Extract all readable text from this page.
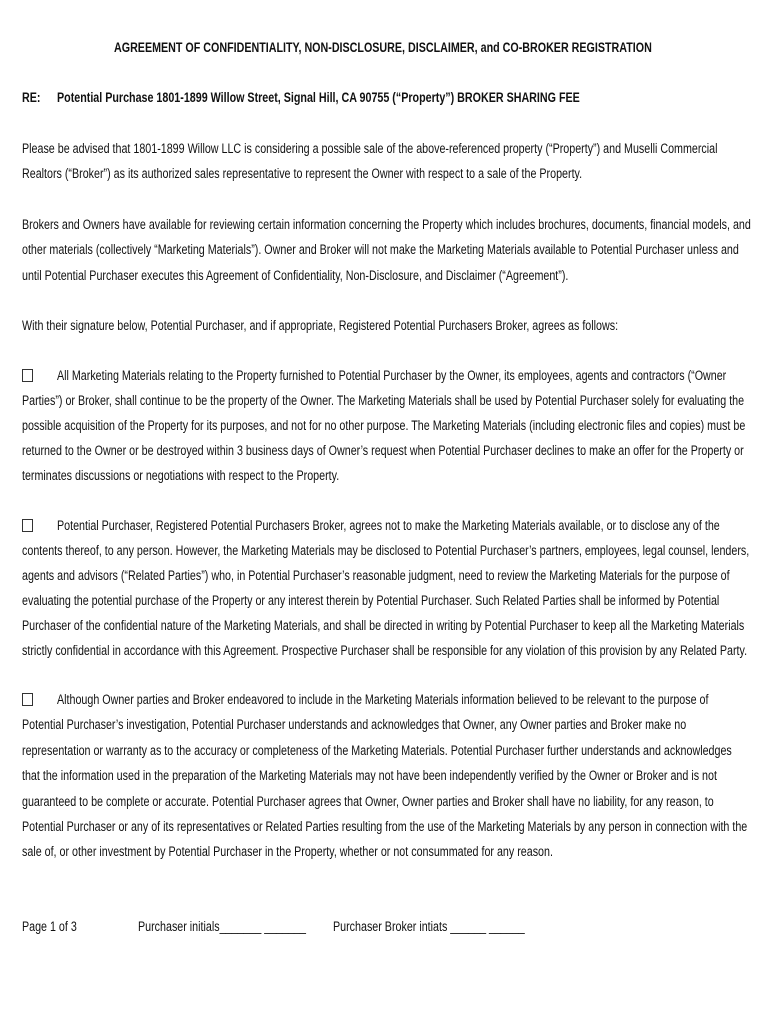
AGREEMENT OF CONFIDENTIALITY, NON-DISCLOSURE, DISCLAIMER, and CO-BROKER REGISTRATION
RE: Potential Purchase 1801-1899 Willow Street, Signal Hill, CA 90755 (“Property”) BROKER SHARING FEE
Please be advised that 1801-1899 Willow LLC is considering a possible sale of the above-referenced property (“Property”) and Muselli Commercial
Realtors (“Broker”) as its authorized sales representative to represent the Owner with respect to a sale of the Property.
Brokers and Owners have available for reviewing certain information concerning the Property which includes brochures, documents, financial models, and
other materials (collectively “Marketing Materials”). Owner and Broker will not make the Marketing Materials available to Potential Purchaser unless and
until Potential Purchaser executes this Agreement of Confidentiality, Non-Disclosure, and Disclaimer (“Agreement”).
With their signature below, Potential Purchaser, and if appropriate, Registered Potential Purchasers Broker, agrees as follows:
All Marketing Materials relating to the Property furnished to Potential Purchaser by the Owner, its employees, agents and contractors (“Owner
Parties”) or Broker, shall continue to be the property of the Owner. The Marketing Materials shall be used by Potential Purchaser solely for evaluating the
possible acquisition of the Property for its purposes, and not for no other purpose. The Marketing Materials (including electronic files and copies) must be
returned to the Owner or be destroyed within 3 business days of Owner’s request when Potential Purchaser declines to make an offer for the Property or
terminates discussions or negotiations with respect to the Property.
Potential Purchaser, Registered Potential Purchasers Broker, agrees not to make the Marketing Materials available, or to disclose any of the
contents thereof, to any person. However, the Marketing Materials may be disclosed to Potential Purchaser’s partners, employees, legal counsel, lenders,
agents and advisors (“Related Parties”) who, in Potential Purchaser’s reasonable judgment, need to review the Marketing Materials for the purpose of
evaluating the potential purchase of the Property or any interest therein by Potential Purchaser. Such Related Parties shall be informed by Potential
Purchaser of the confidential nature of the Marketing Materials, and shall be directed in writing by Potential Purchaser to keep all the Marketing Materials
strictly confidential in accordance with this Agreement. Prospective Purchaser shall be responsible for any violation of this provision by any Related Party.
Although Owner parties and Broker endeavored to include in the Marketing Materials information believed to be relevant to the purpose of
Potential Purchaser’s investigation, Potential Purchaser understands and acknowledges that Owner, any Owner parties and Broker make no
representation or warranty as to the accuracy or completeness of the Marketing Materials. Potential Purchaser further understands and acknowledges
that the information used in the preparation of the Marketing Materials may not have been independently verified by the Owner or Broker and is not
guaranteed to be complete or accurate. Potential Purchaser agrees that Owner, Owner parties and Broker shall have no liability, for any reason, to
Potential Purchaser or any of its representatives or Related Parties resulting from the use of the Marketing Materials by any person in connection with the
sale of, or other investment by Potential Purchaser in the Property, whether or not consummated for any reason.
Page 1 of 3	Purchaser initials_______ _______ Purchaser Broker intiats ______ ______
